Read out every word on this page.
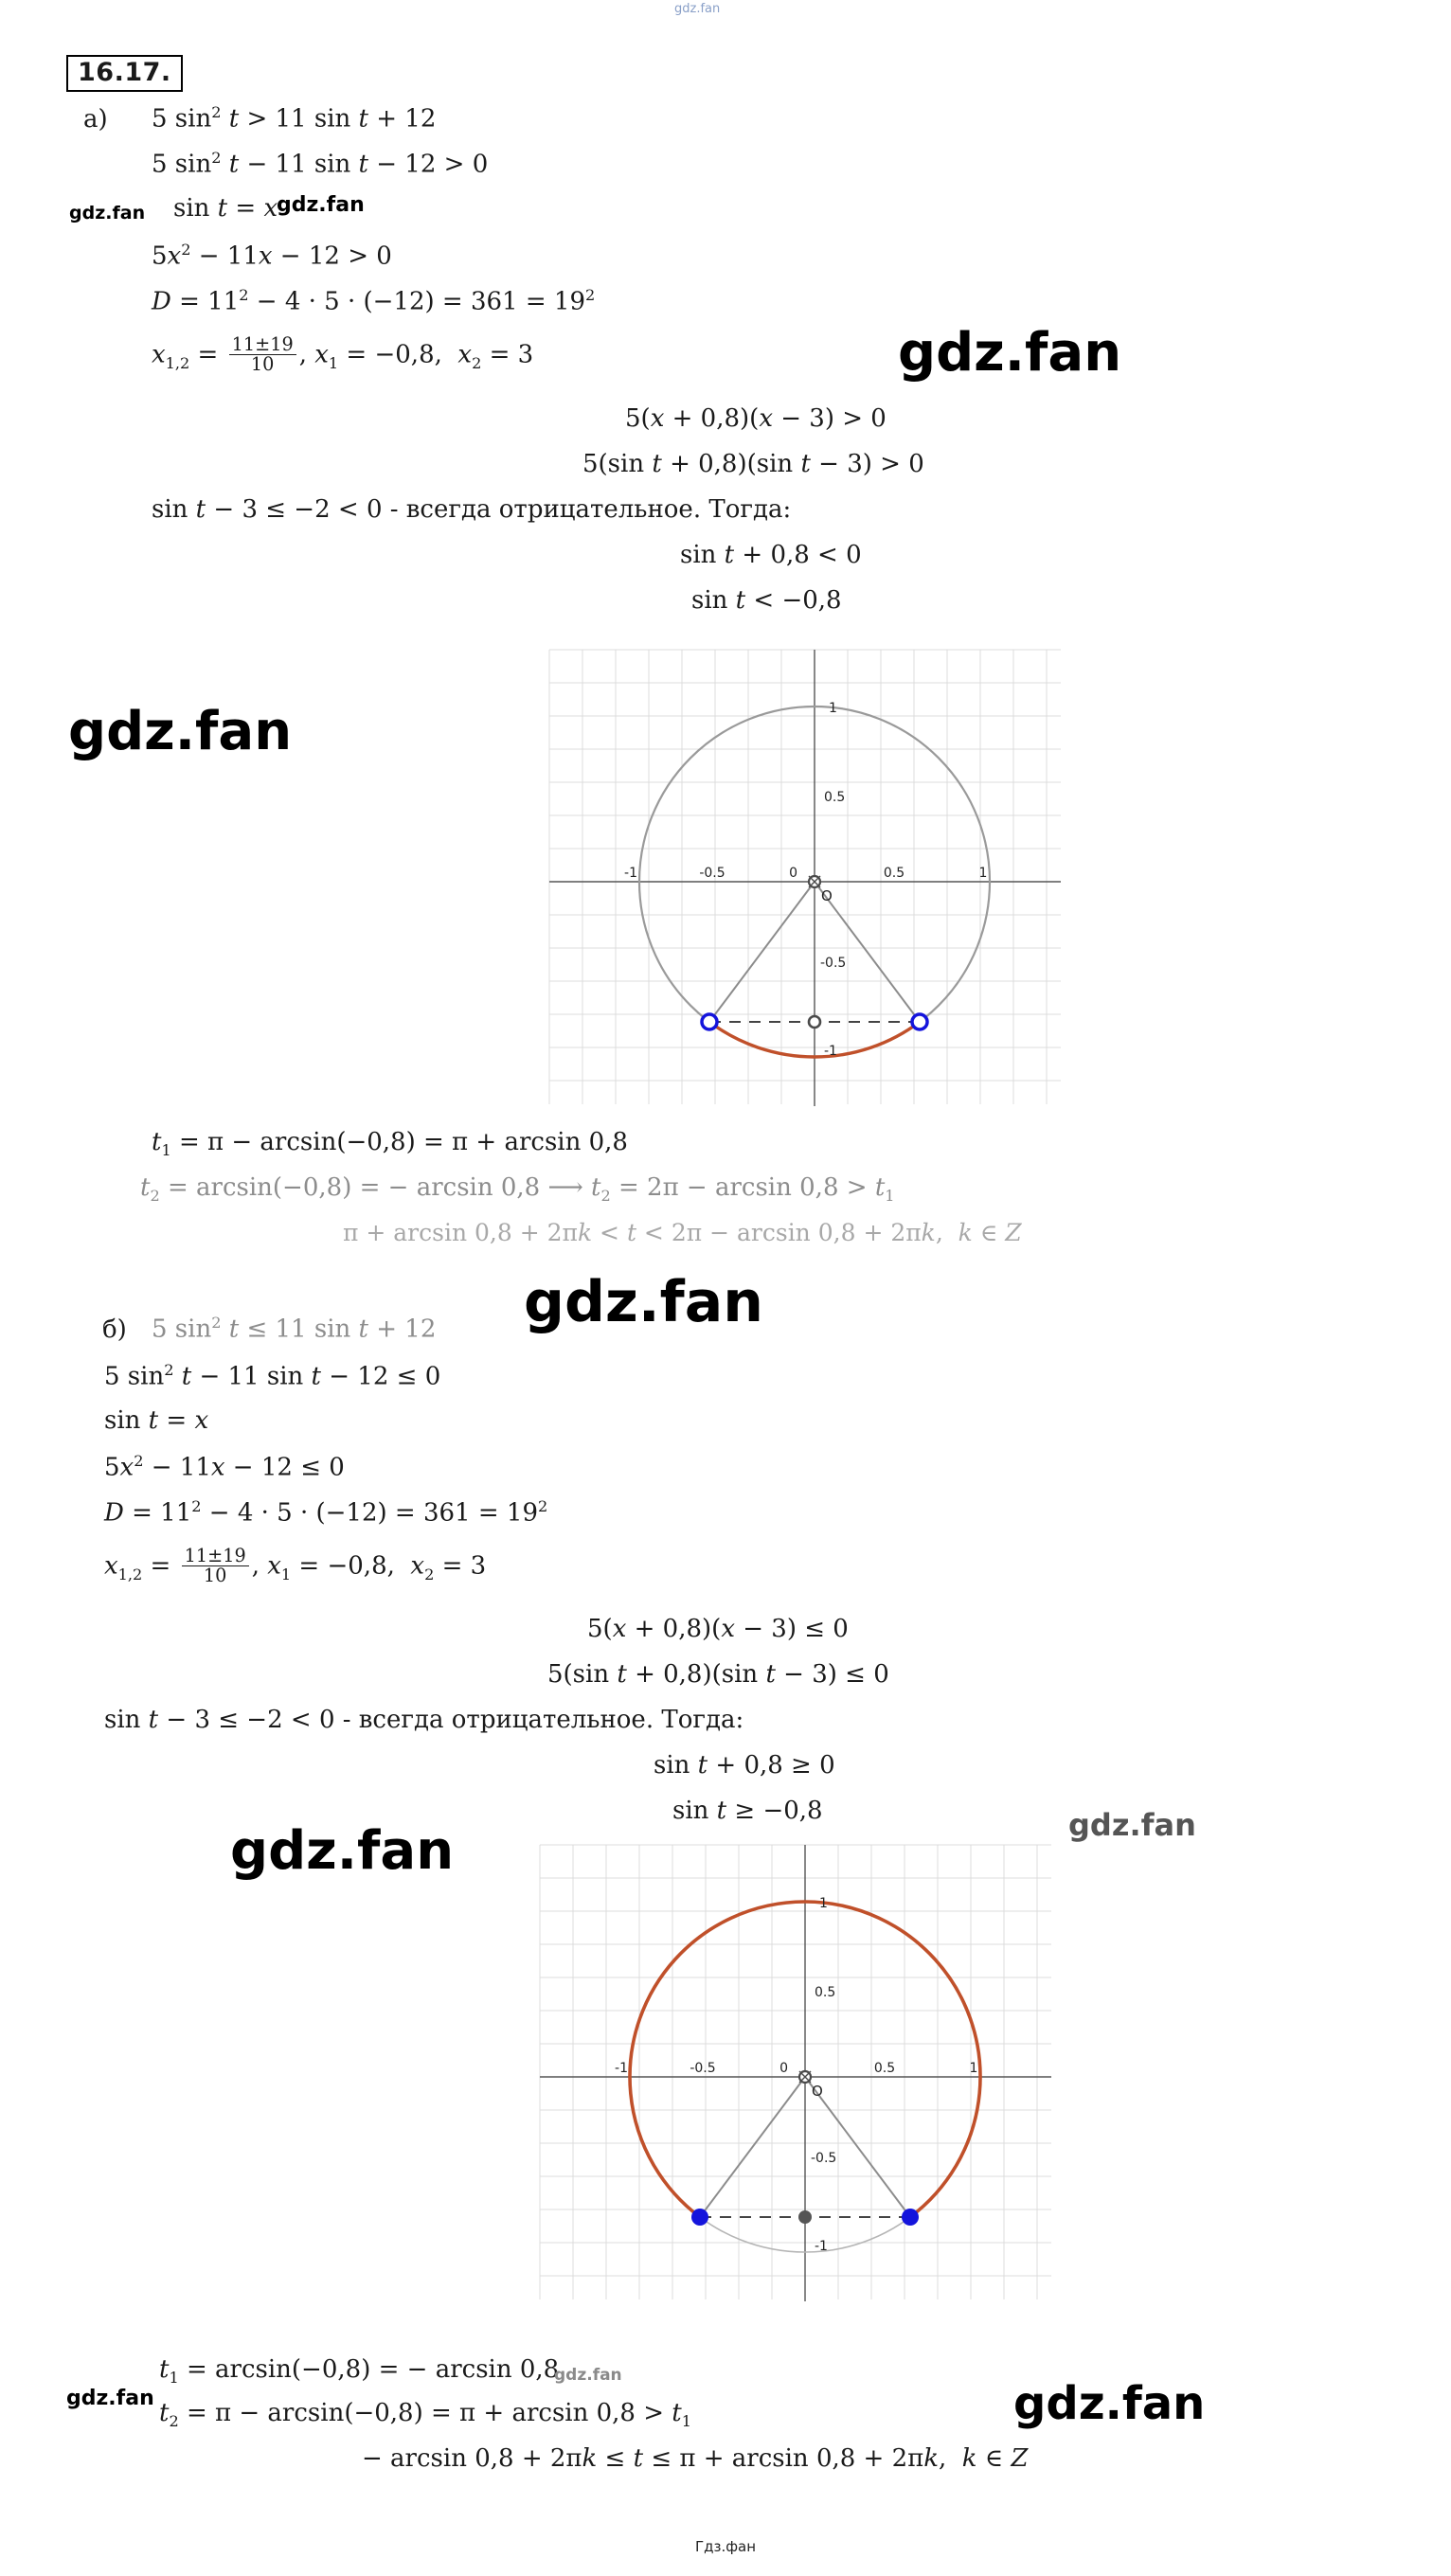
gdz.fan
16.17.
а) 5 $\sin^2 t > 11$ sin t + 12
5 $\sin^2 t - 11$ sin t − 12 > 0
sin t = x
$5x^2 - 11x - 12 > 0$
$D = 11^2 - 4 \cdot 5 \cdot (-12) = 361 = 19^2$
$x_{1,2} = \frac{11\pm 19}{10}$ , $x_1 = -0,8$,  $x_2 = 3$
5(x + 0,8)(x − 3) > 0
5(sin t + 0,8)(sin t − 3) > 0
sin t − 3 ≤ −2 < 0 - всегда отрицательное. Тогда:
sin t + 0,8 < 0
sin t < −0,8
-1	-0.5	0	0.5	1
1
0.5
-0.5
-1
O
$t_1 = \pi - \arcsin(-0,8) = \pi + \arcsin 0,8$
$t_2 = \arcsin(-0,8)$ = − arcsin 0,8 ⟶ $t_2 = 2\pi - \arcsin 0,8 > t_1$
π + arcsin 0,8 + 2πk < t < 2π − arcsin 0,8 + 2πk,  k ∈ Z
б) 5 $\sin^2 t \le 11$ sin t + 12
5 $\sin^2 t - 11$ sin t − 12 ≤ 0
sin t = x
$5x^2 - 11x - 12 \le 0$
$D = 11^2 - 4 \cdot 5 \cdot (-12) = 361 = 19^2$
$x_{1,2} = \frac{11\pm 19}{10}$ , $x_1 = -0,8$,  $x_2 = 3$
5(x + 0,8)(x − 3) ≤ 0
5(sin t + 0,8)(sin t − 3) ≤ 0
sin t − 3 ≤ −2 < 0 - всегда отрицательное. Тогда:
sin t + 0,8 ≥ 0
sin t ≥ −0,8
-1	-0.5	0	0.5	1
1
0.5
-0.5
-1
O
$t_1 = \arcsin(-0,8)$ = − arcsin 0,8
$t_2 = \pi - \arcsin(-0,8) = \pi + \arcsin 0,8 > t_1$
− arcsin 0,8 + 2πk ≤ t ≤ π + arcsin 0,8 + 2πk,  k ∈ Z
gdz.fan
gdz.fan
gdz.fan
gdz.fan	gdz.fan
gdz.fan
gdz.fan
gdz.fan	gdz.fan
gdz.fan
Гдз.фан
